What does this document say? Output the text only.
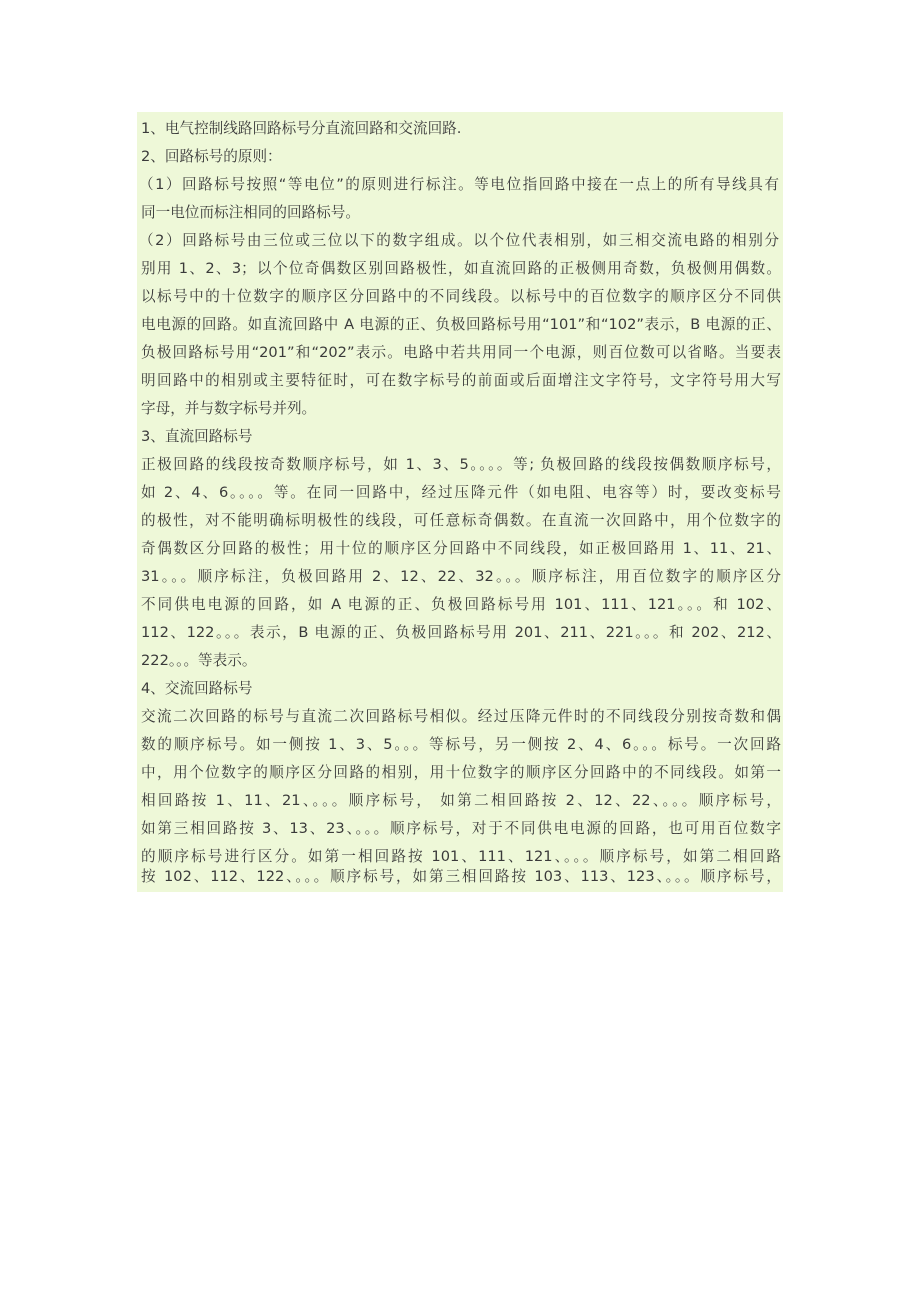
1、电气控制线路回路标号分直流回路和交流回路.

2、回路标号的原则：

（1）回路标号按照“等电位”的原则进行标注。等电位指回路中接在一点上的所有导线具有

同一电位而标注相同的回路标号。

（2）回路标号由三位或三位以下的数字组成。以个位代表相别，如三相交流电路的相别分

别用 1、2、3；以个位奇偶数区别回路极性，如直流回路的正极侧用奇数，负极侧用偶数。

以标号中的十位数字的顺序区分回路中的不同线段。以标号中的百位数字的顺序区分不同供

电电源的回路。如直流回路中 A 电源的正、负极回路标号用“101”和“102”表示，B 电源的正、

负极回路标号用“201”和“202”表示。电路中若共用同一个电源，则百位数可以省略。当要表

明回路中的相别或主要特征时，可在数字标号的前面或后面增注文字符号，文字符号用大写

字母，并与数字标号并列。

3、直流回路标号

正极回路的线段按奇数顺序标号，如 1、3、5。。。。等; 负极回路的线段按偶数顺序标号，

如 2、4、6。。。。等。在同一回路中，经过压降元件（如电阻、电容等）时，要改变标号

的极性，对不能明确标明极性的线段，可任意标奇偶数。在直流一次回路中，用个位数字的

奇偶数区分回路的极性；用十位的顺序区分回路中不同线段，如正极回路用 1、11、21、

31。。。顺序标注，负极回路用 2、12、22、32。。。顺序标注，用百位数字的顺序区分

不同供电电源的回路，如 A 电源的正、负极回路标号用 101、111、121。。。和 102、

112、122。。。表示，B 电源的正、负极回路标号用 201、211、221。。。和 202、212、

222。。。等表示。

4、交流回路标号

交流二次回路的标号与直流二次回路标号相似。经过压降元件时的不同线段分别按奇数和偶

数的顺序标号。如一侧按 1、3、5。。。等标号，另一侧按 2、4、6。。。标号。一次回路

中，用个位数字的顺序区分回路的相别，用十位数字的顺序区分回路中的不同线段。如第一

相回路按 1、11、21、。。。顺序标号， 如第二相回路按 2、12、22、。。。顺序标号，

如第三相回路按 3、13、23、。。。顺序标号，对于不同供电电源的回路，也可用百位数字

的顺序标号进行区分。如第一相回路按 101、111、121、。。。顺序标号，如第二相回路

按 102、112、122、。。。顺序标号，如第三相回路按 103、113、123、。。。顺序标号，
